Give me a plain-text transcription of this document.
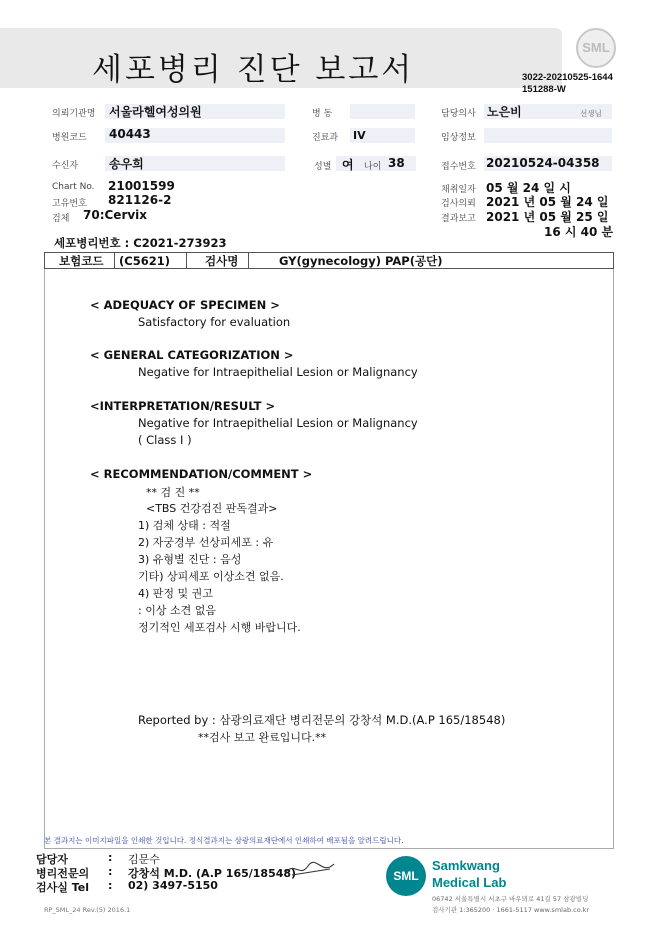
세포병리 진단 보고서
SML
3022-20210525-1644
151288-W
의뢰기관명 서울라헬여성의원	병 동	담당의사 노은비	선생님
병원코드 40443	진료과 IV	임상정보
수신자	송우희	성별 여 나이 38	접수번호 20210524-04358
Chart No. 21001599	채취일자 05 월 24 일 시
고유번호 821126-2	검사의뢰 2021 년 05 월 24 일
검체 70:Cervix	결과보고 2021 년 05 월 25 일
16 시 40 분
세포병리번호 : C2021-273923
보험코드	(C5621)	검사명	GY(gynecology) PAP(공단)
< ADEQUACY OF SPECIMEN >
Satisfactory for evaluation
< GENERAL CATEGORIZATION >
Negative for Intraepithelial Lesion or Malignancy
<INTERPRETATION/RESULT >
Negative for Intraepithelial Lesion or Malignancy
( Class I )
< RECOMMENDATION/COMMENT >
** 검 진 **
<TBS 건강검진 판독결과>
1) 검체 상태 : 적절
2) 자궁경부 선상피세포 : 유
3) 유형별 진단 : 음성
기타) 상피세포 이상소견 없음.
4) 판정 및 권고
: 이상 소견 없음
정기적인 세포검사 시행 바랍니다.
Reported by : 삼광의료재단 병리전문의 강창석 M.D.(A.P 165/18548)
**검사 보고 완료입니다.**
본 결과지는 이미지파일을 인쇄한 것입니다. 정식결과지는 삼광의료재단에서 인쇄하여 배포됨을 알려드립니다.
담당자	: 김문수
병리전문의 : 강창석 M.D. (A.P 165/18548)
검사실 Tel : 02) 3497-5150
SML
Samkwang
Medical Lab
06742 서울특별시 서초구 바우뫼로 41길 57 삼광빌딩
검사기관 1:365200 · 1661-5117 www.smlab.co.kr
RP_SML_24 Rev.(5) 2016.1
